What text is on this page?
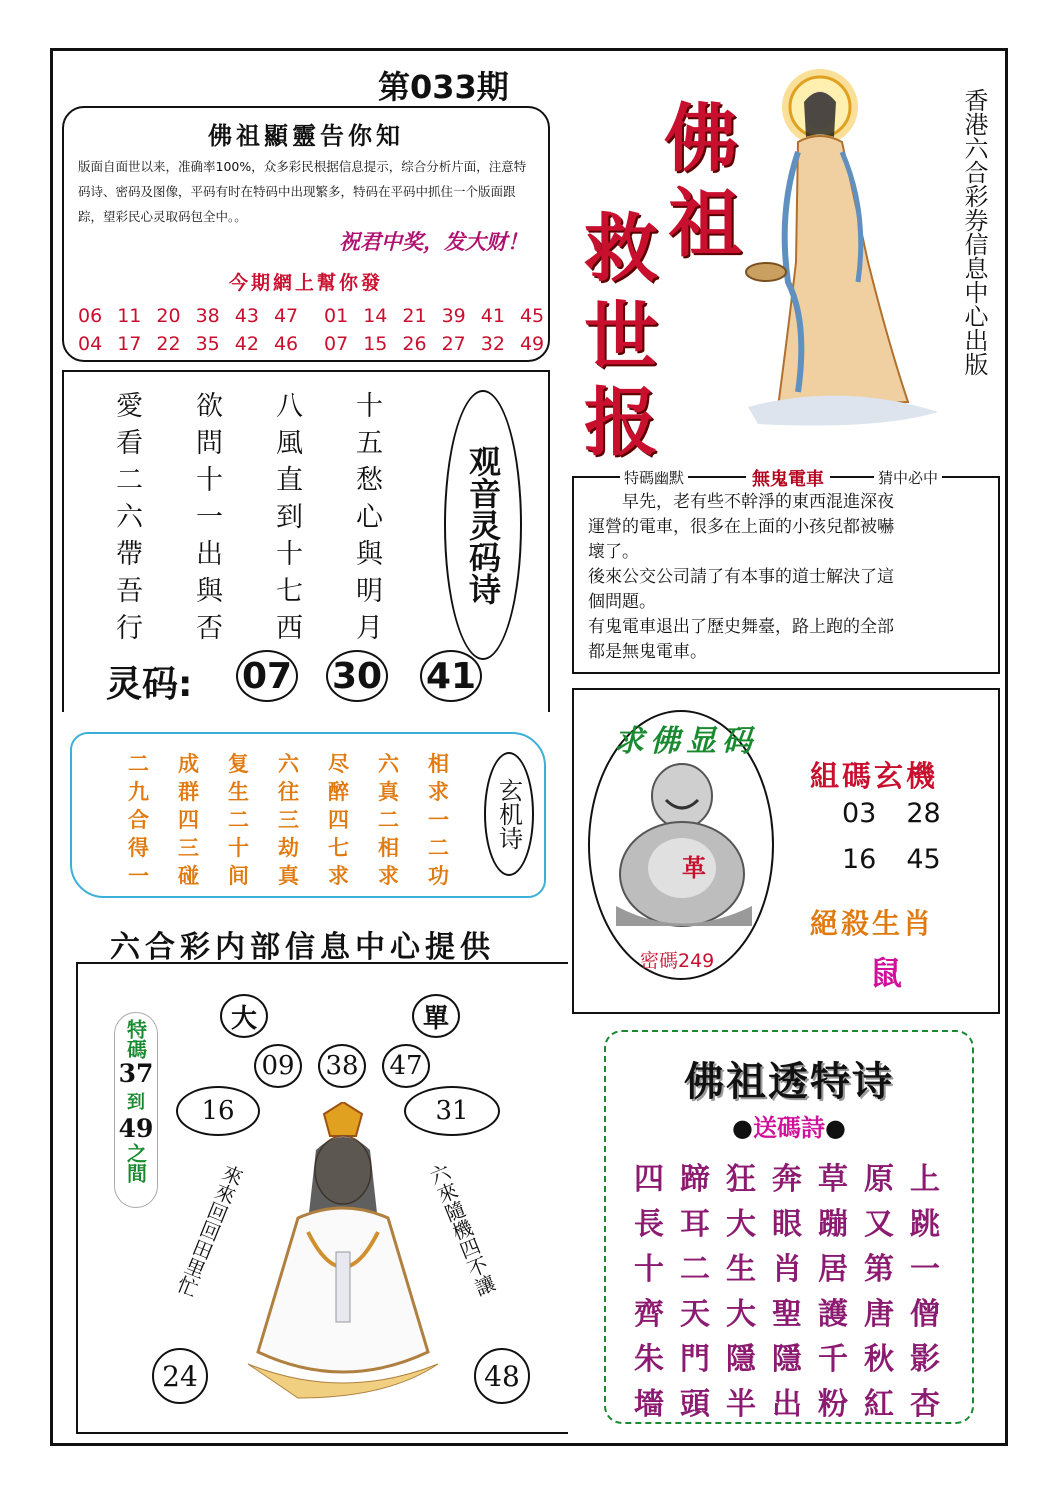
第033期
佛祖顯靈告你知
版面自面世以来，准确率100%，众多彩民根据信息提示，综合分析片面，注意特码诗、密码及图像，平码有时在特码中出现繁多，特码在平码中抓住一个版面跟踪，望彩民心灵取码包全中。。
祝君中奖，发大财！
今期網上幫你發
06 11 20 38 43 47
04 17 22 35 42 46
01 14 21 39 41 45
07 15 26 27 32 49
佛
祖
救
世
报
香港六合彩券信息中心出版
愛
看
二
六
帶
吾
行
欲
問
十
一
出
與
否
八
風
直
到
十
七
西
十
五
愁
心
與
明
月
观音灵码诗
灵码: 07 30 41
特碼幽默	無鬼電車	猜中必中
早先，老有些不幹淨的東西混進深夜
運營的電車，很多在上面的小孩兒都被嚇
壞了。
後來公交公司請了有本事的道士解決了這
個問題。
有鬼電車退出了歷史舞臺，路上跑的全部
都是無鬼電車。
二
九
合
得
一
成
群
四
三
碰
复
生
二
十
间
六
往
三
劫
真
尽
醉
四
七
求
六
真
二
相
求
相
求
一
二
功
玄机诗
六合彩内部信息中心提供
求佛显码
革
密碼249
組碼玄機
03 28
16 45
絕殺生肖
鼠
大	單
09 38 47
16	31
特碼
37
到
49
之間 來來回回田里忙	六來隨機四不讓
24	48
佛祖透特诗
●送碼詩●
四 蹄 狂 奔 草 原 上
長 耳 大 眼 蹦 又 跳
十 二 生 肖 居 第 一
齊 天 大 聖 護 唐 僧
朱 門 隱 隱 千 秋 影
墻 頭 半 出 粉 紅 杏
